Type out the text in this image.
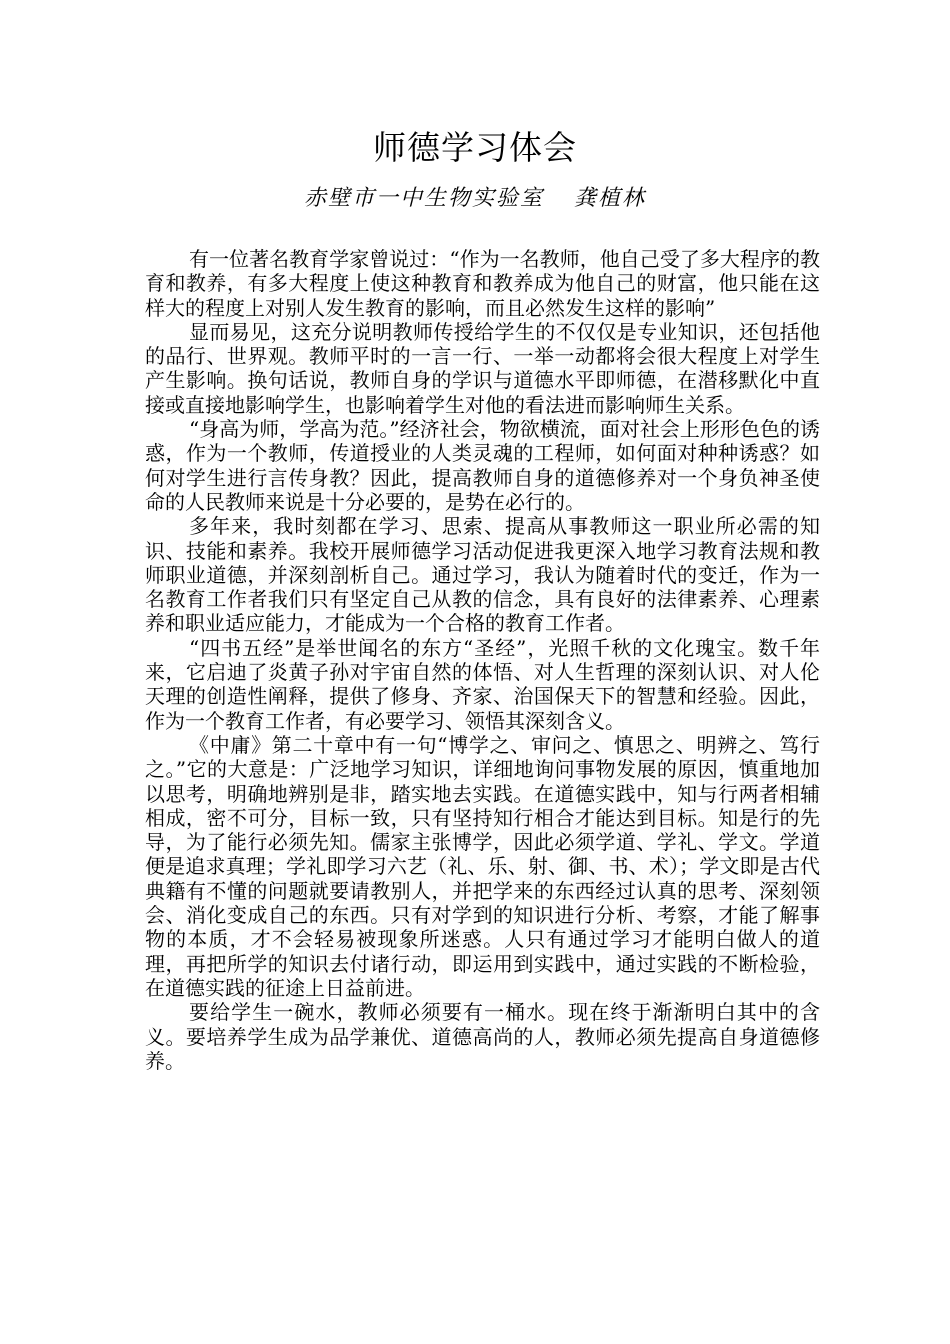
师德学习体会
赤壁市一中生物实验室 龚植林

有一位著名教育学家曾说过：“作为一名教师，他自己受了多大程序的教育和教养，有多大程度上使这种教育和教养成为他自己的财富，他只能在这样大的程度上对别人发生教育的影响，而且必然发生这样的影响”

显而易见，这充分说明教师传授给学生的不仅仅是专业知识，还包括他的品行、世界观。教师平时的一言一行、一举一动都将会很大程度上对学生产生影响。换句话说，教师自身的学识与道德水平即师德，在潜移默化中直接或直接地影响学生，也影响着学生对他的看法进而影响师生关系。

“身高为师，学高为范。”经济社会，物欲横流，面对社会上形形色色的诱惑，作为一个教师，传道授业的人类灵魂的工程师，如何面对种种诱惑？如何对学生进行言传身教？因此，提高教师自身的道德修养对一个身负神圣使命的人民教师来说是十分必要的，是势在必行的。

多年来，我时刻都在学习、思索、提高从事教师这一职业所必需的知识、技能和素养。我校开展师德学习活动促进我更深入地学习教育法规和教师职业道德，并深刻剖析自己。通过学习，我认为随着时代的变迁，作为一名教育工作者我们只有坚定自己从教的信念，具有良好的法律素养、心理素养和职业适应能力，才能成为一个合格的教育工作者。

“四书五经”是举世闻名的东方“圣经”，光照千秋的文化瑰宝。数千年来，它启迪了炎黄子孙对宇宙自然的体悟、对人生哲理的深刻认识、对人伦天理的创造性阐释，提供了修身、齐家、治国保天下的智慧和经验。因此，作为一个教育工作者，有必要学习、领悟其深刻含义。

《中庸》第二十章中有一句“博学之、审问之、慎思之、明辨之、笃行之。”它的大意是：广泛地学习知识，详细地询问事物发展的原因，慎重地加以思考，明确地辨别是非，踏实地去实践。在道德实践中，知与行两者相辅相成，密不可分，目标一致，只有坚持知行相合才能达到目标。知是行的先导，为了能行必须先知。儒家主张博学，因此必须学道、学礼、学文。学道便是追求真理；学礼即学习六艺（礼、乐、射、御、书、术）；学文即是古代典籍有不懂的问题就要请教别人，并把学来的东西经过认真的思考、深刻领会、消化变成自己的东西。只有对学到的知识进行分析、考察，才能了解事物的本质，才不会轻易被现象所迷惑。人只有通过学习才能明白做人的道理，再把所学的知识去付诸行动，即运用到实践中，通过实践的不断检验，在道德实践的征途上日益前进。

要给学生一碗水，教师必须要有一桶水。现在终于渐渐明白其中的含义。要培养学生成为品学兼优、道德高尚的人，教师必须先提高自身道德修养。
